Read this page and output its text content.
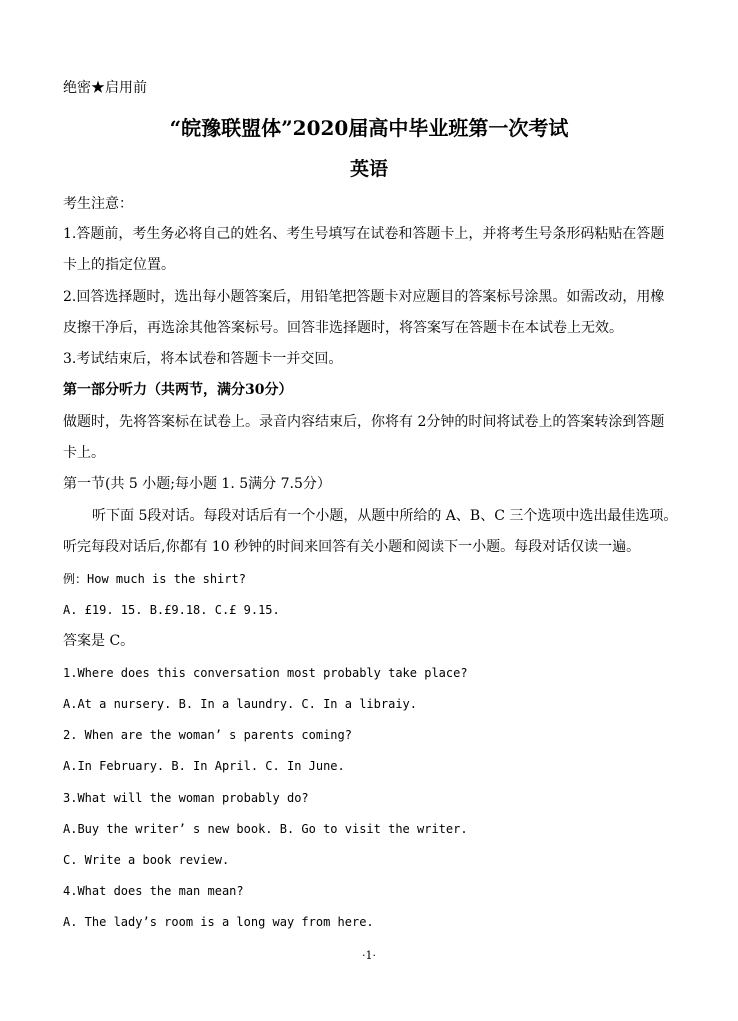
绝密★启用前
“皖豫联盟体”2020届高中毕业班第一次考试
英语
考生注意：
1.答题前，考生务必将自己的姓名、考生号填写在试卷和答题卡上，并将考生号条形码粘贴在答题
卡上的指定位置。
2.回答选择题时，选出每小题答案后，用铅笔把答题卡对应题目的答案标号涂黑。如需改动，用橡
皮擦干净后，再选涂其他答案标号。回答非选择题时，将答案写在答题卡在本试卷上无效。
3.考试结束后，将本试卷和答题卡一并交回。
第一部分听力（共两节，满分30分）
做题时，先将答案标在试卷上。录音内容结束后，你将有 2分钟的时间将试卷上的答案转涂到答题
卡上。
第一节(共 5 小题;每小题 1. 5满分 7.5分）
听下面 5段对话。每段对话后有一个小题，从题中所给的 A、B、C 三个选项中选出最佳选项。
听完每段对话后,你都有 10 秒钟的时间来回答有关小题和阅读下一小题。每段对话仅读一遍。
例：How much is the shirt?
A. £19. 15. B.£9.18. C.£ 9.15.
答案是 C。
1.Where does this conversation most probably take place?
A.At a nursery. B. In a laundry. C. In a libraiy.
2. When are the woman’ s parents coming?
A.In February. B. In April. C. In June.
3.What will the woman probably do?
A.Buy the writer’ s new book. B. Go to visit the writer.
C. Write a book review.
4.What does the man mean?
A. The lady’s room is a long way from here.
·1·
